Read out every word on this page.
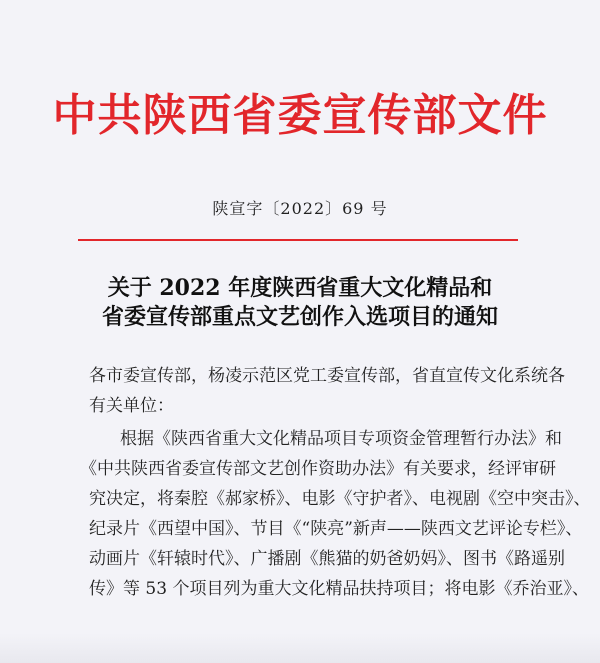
中共陕西省委宣传部文件
陕宣字〔2022〕69 号
关于 2022 年度陕西省重大文化精品和
省委宣传部重点文艺创作入选项目的通知
各市委宣传部，杨凌示范区党工委宣传部，省直宣传文化系统各
有关单位：
根据《陕西省重大文化精品项目专项资金管理暂行办法》和
《中共陕西省委宣传部文艺创作资助办法》有关要求，经评审研
究决定，将秦腔《郝家桥》、电影《守护者》、电视剧《空中突击》、
纪录片《西望中国》、节目《“陕亮”新声——陕西文艺评论专栏》、
动画片《轩辕时代》、广播剧《熊猫的奶爸奶妈》、图书《路遥别
传》等 53 个项目列为重大文化精品扶持项目；将电影《乔治亚》、
